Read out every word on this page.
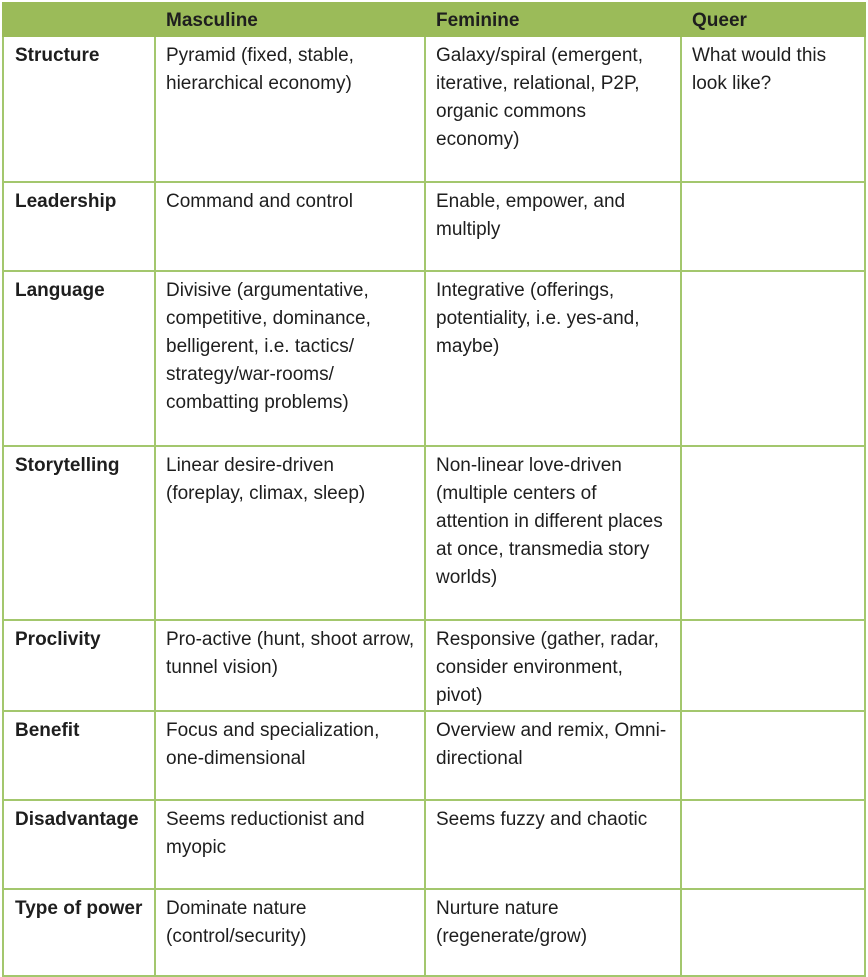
	Masculine	Feminine	Queer
Structure	Pyramid (fixed, stable, hierarchical economy)	Galaxy/spiral (emergent, iterative, relational, P2P, organic commons economy)	What would this look like?
Leadership	Command and control	Enable, empower, and multiply	
Language	Divisive (argumentative, competitive, dominance, belligerent, i.e. tactics/ strategy/war-rooms/ combatting problems)	Integrative (offerings, potentiality, i.e. yes-and, maybe)	
Storytelling	Linear desire-driven (foreplay, climax, sleep)	Non-linear love-driven (multiple centers of attention in different places at once, transmedia story worlds)	
Proclivity	Pro-active (hunt, shoot arrow, tunnel vision)	Responsive (gather, radar, consider environment, pivot)	
Benefit	Focus and specialization, one-dimensional	Overview and remix, Omni-directional	
Disadvantage	Seems reductionist and myopic	Seems fuzzy and chaotic	
Type of power	Dominate nature (control/security)	Nurture nature (regenerate/grow)	
